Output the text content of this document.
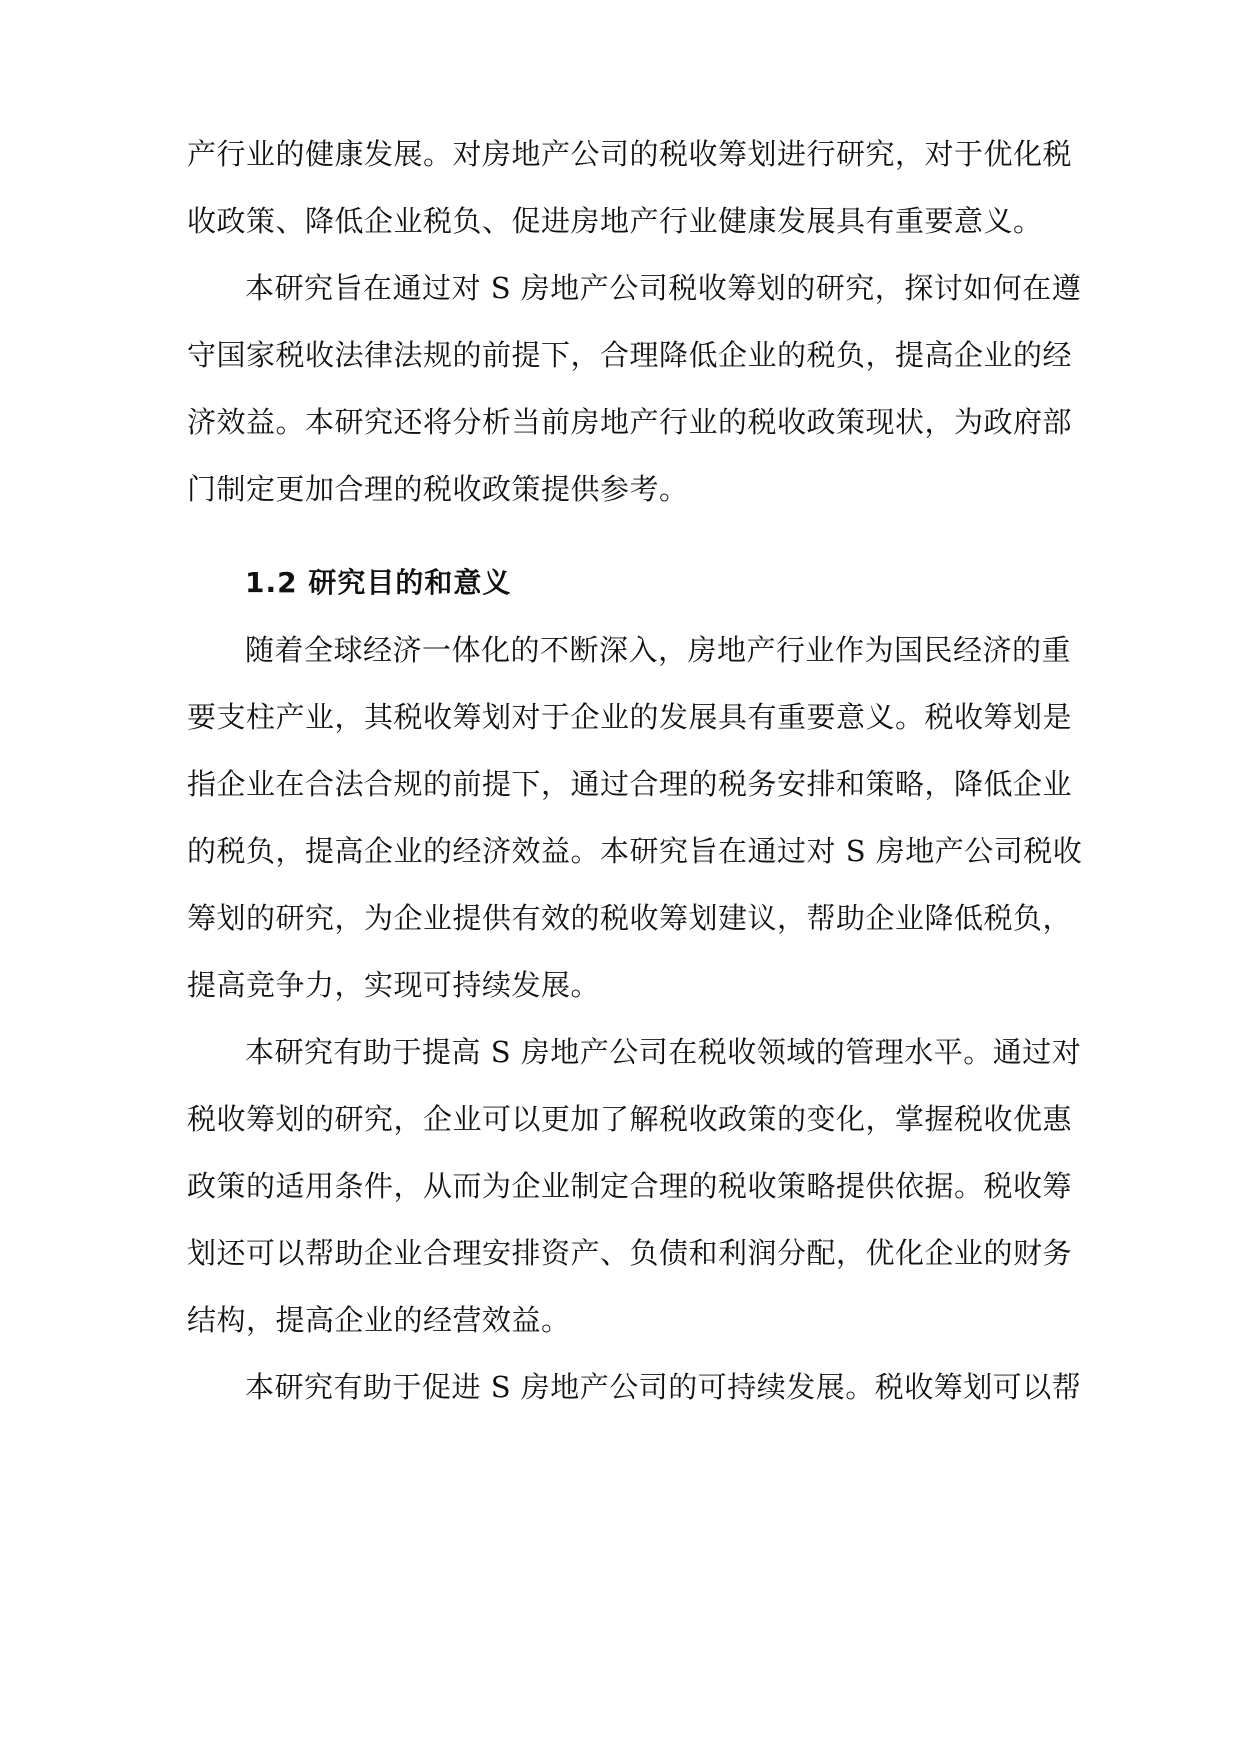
产行业的健康发展。对房地产公司的税收筹划进行研究，对于优化税
收政策、降低企业税负、促进房地产行业健康发展具有重要意义。
本研究旨在通过对 S 房地产公司税收筹划的研究，探讨如何在遵
守国家税收法律法规的前提下，合理降低企业的税负，提高企业的经
济效益。本研究还将分析当前房地产行业的税收政策现状，为政府部
门制定更加合理的税收政策提供参考。
1.2 研究目的和意义
随着全球经济一体化的不断深入，房地产行业作为国民经济的重
要支柱产业，其税收筹划对于企业的发展具有重要意义。税收筹划是
指企业在合法合规的前提下，通过合理的税务安排和策略，降低企业
的税负，提高企业的经济效益。本研究旨在通过对 S 房地产公司税收
筹划的研究，为企业提供有效的税收筹划建议，帮助企业降低税负，
提高竞争力，实现可持续发展。
本研究有助于提高 S 房地产公司在税收领域的管理水平。通过对
税收筹划的研究，企业可以更加了解税收政策的变化，掌握税收优惠
政策的适用条件，从而为企业制定合理的税收策略提供依据。税收筹
划还可以帮助企业合理安排资产、负债和利润分配，优化企业的财务
结构，提高企业的经营效益。
本研究有助于促进 S 房地产公司的可持续发展。税收筹划可以帮
